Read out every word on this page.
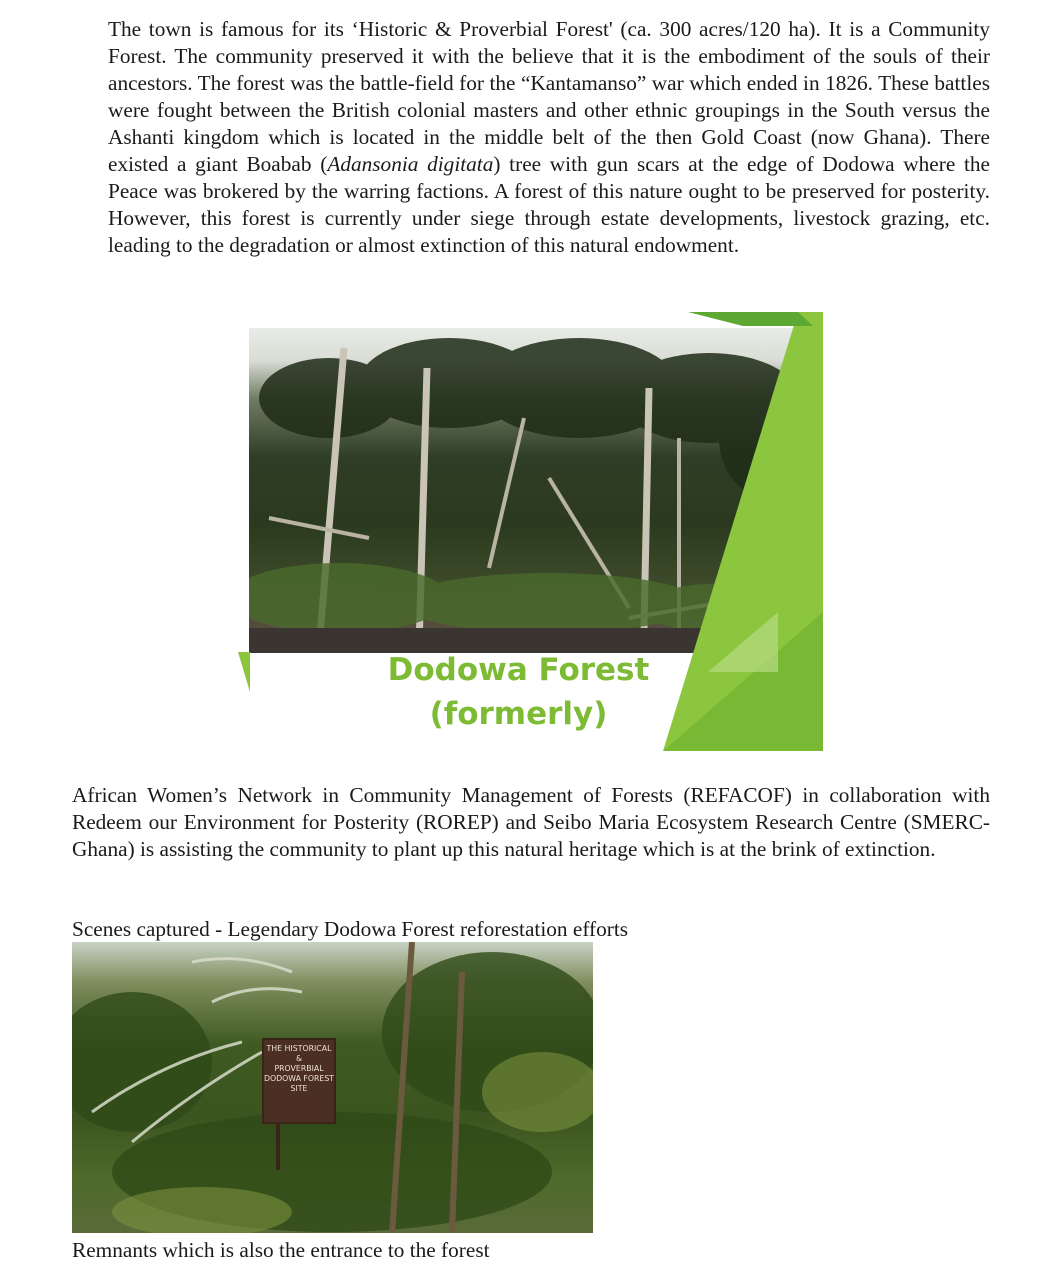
The town is famous for its ‘Historic & Proverbial Forest' (ca. 300 acres/120 ha). It is a Community Forest. The community preserved it with the believe that it is the embodiment of the souls of their ancestors. The forest was the battle-field for the “Kantamanso” war which ended in 1826. These battles were fought between the British colonial masters and other ethnic groupings in the South versus the Ashanti kingdom which is located in the middle belt of the then Gold Coast (now Ghana). There existed a giant Boabab (Adansonia digitata) tree with gun scars at the edge of Dodowa where the Peace was brokered by the warring factions. A forest of this nature ought to be preserved for posterity. However, this forest is currently under siege through estate developments, livestock grazing, etc. leading to the degradation or almost extinction of this natural endowment.

Dodowa Forest
(formerly)

African Women’s Network in Community Management of Forests (REFACOF) in collaboration with Redeem our Environment for Posterity (ROREP) and Seibo Maria Ecosystem Research Centre (SMERC-Ghana) is assisting the community to plant up this natural heritage which is at the brink of extinction.

Scenes captured - Legendary Dodowa Forest reforestation efforts

THE HISTORICAL
&
PROVERBIAL
DODOWA FOREST
SITE

Remnants which is also the entrance to the forest
